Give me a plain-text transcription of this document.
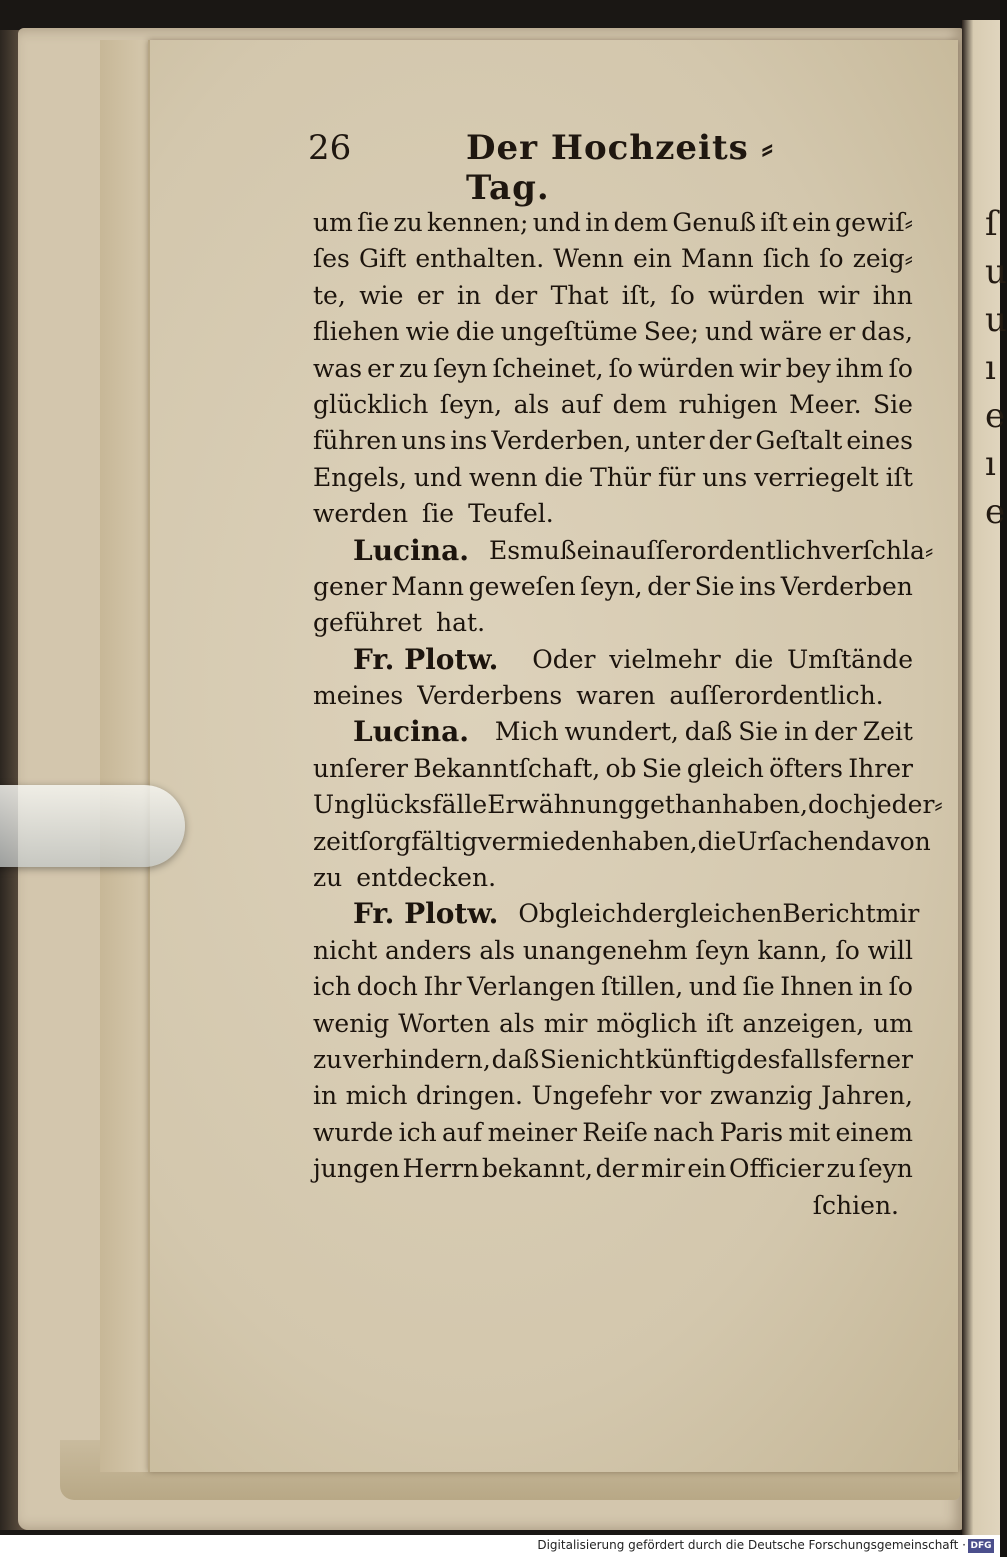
ſ
u
u
ı
e
ı
e
26	Der Hochzeits ⸗ Tag.
um ſie zu kennen; und in dem Genuß iſt ein gewiſ⸗
ſes Gift enthalten. Wenn ein Mann ſich ſo zeig⸗
te, wie er in der That iſt, ſo würden wir ihn
fliehen wie die ungeſtüme See; und wäre er das,
was er zu ſeyn ſcheinet, ſo würden wir bey ihm ſo
glücklich ſeyn, als auf dem ruhigen Meer. Sie
führen uns ins Verderben, unter der Geſtalt eines
Engels, und wenn die Thür für uns verriegelt iſt
werden ſie Teufel.
Lucina. Es muß ein auſſerordentlich verſchla⸗
gener Mann geweſen ſeyn, der Sie ins Verderben
geführet hat.
Fr. Plotw. Oder vielmehr die Umſtände
meines Verderbens waren auſſerordentlich.
Lucina. Mich wundert, daß Sie in der Zeit
unſerer Bekanntſchaft, ob Sie gleich öfters Ihrer
Unglücksfälle Erwähnung gethan haben, doch jeder⸗
zeit ſorgfältig vermieden haben, die Urſachen davon
zu entdecken.
Fr. Plotw. Obgleich dergleichen Bericht mir
nicht anders als unangenehm ſeyn kann, ſo will
ich doch Ihr Verlangen ſtillen, und ſie Ihnen in ſo
wenig Worten als mir möglich iſt anzeigen, um
zu verhindern, daß Sie nicht künftig desfalls ferner
in mich dringen. Ungefehr vor zwanzig Jahren,
wurde ich auf meiner Reiſe nach Paris mit einem
jungen Herrn bekannt, der mir ein Officier zu ſeyn
ſchien.
Digitalisierung gefördert durch die Deutsche Forschungsgemeinschaft · DFG
